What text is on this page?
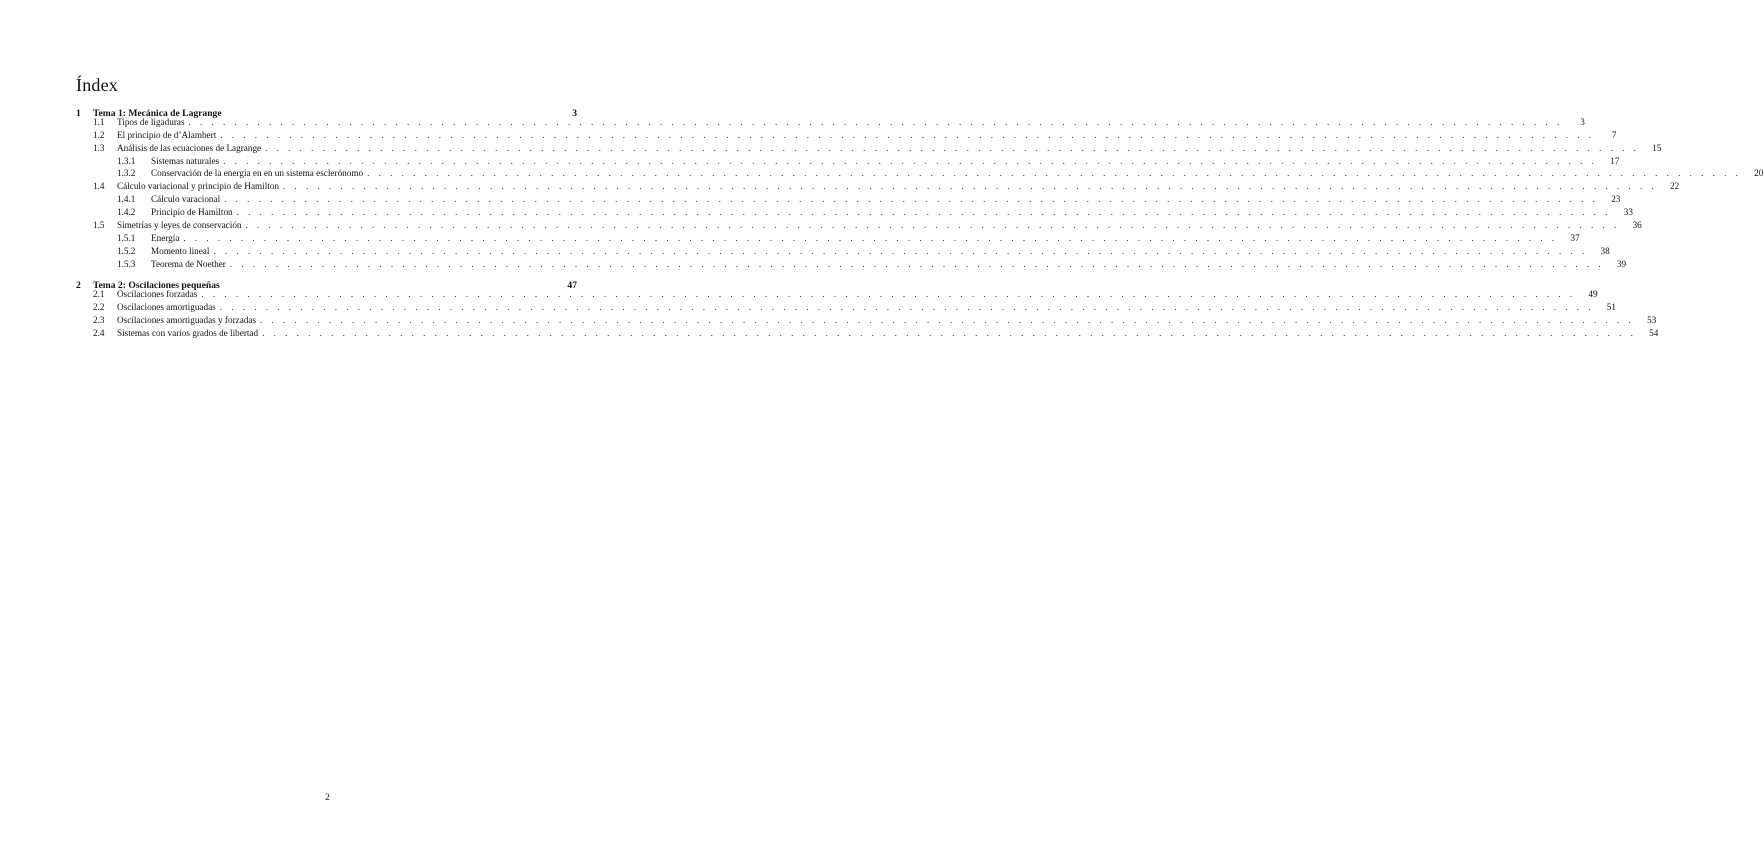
Índex
1	Tema 1: Mecánica de Lagrange	3
1.1	Tipos de ligaduras . . . . . . . . . . . . . . . . . . . . . . . . . . . . . . . . . . . . . . . . . . . . . . . . . . . . . . . . . . . . . . . . . . . . . . . . . . . . . . . . . . . . . . . . . . . . . . . . . . . . . . . . . . . . . . . . . . . . . . . .	3
1.2	El principio de d’Alambert . . . . . . . . . . . . . . . . . . . . . . . . . . . . . . . . . . . . . . . . . . . . . . . . . . . . . . . . . . . . . . . . . . . . . . . . . . . . . . . . . . . . . . . . . . . . . . . . . . . . . . . . . . . . . . . . . . . . . . . .	7
1.3	Análisis de las ecuaciones de Lagrange . . . . . . . . . . . . . . . . . . . . . . . . . . . . . . . . . . . . . . . . . . . . . . . . . . . . . . . . . . . . . . . . . . . . . . . . . . . . . . . . . . . . . . . . . . . . . . . . . . . . . . . . . . . . . . . . . . . . . . . .	15
1.3.1	Sistemas naturales . . . . . . . . . . . . . . . . . . . . . . . . . . . . . . . . . . . . . . . . . . . . . . . . . . . . . . . . . . . . . . . . . . . . . . . . . . . . . . . . . . . . . . . . . . . . . . . . . . . . . . . . . . . . . . . . . . . . . . . .	17
1.3.2	Conservación de la energía en en un sistema esclerónomo . . . . . . . . . . . . . . . . . . . . . . . . . . . . . . . . . . . . . . . . . . . . . . . . . . . . . . . . . . . . . . . . . . . . . . . . . . . . . . . . . . . . . . . . . . . . . . . . . . . . . . . . . . . . . . . . . . . . . . . .	20
1.4	Cálculo variacional y principio de Hamilton . . . . . . . . . . . . . . . . . . . . . . . . . . . . . . . . . . . . . . . . . . . . . . . . . . . . . . . . . . . . . . . . . . . . . . . . . . . . . . . . . . . . . . . . . . . . . . . . . . . . . . . . . . . . . . . . . . . . . . . .	22
1.4.1	Cálculo varacional . . . . . . . . . . . . . . . . . . . . . . . . . . . . . . . . . . . . . . . . . . . . . . . . . . . . . . . . . . . . . . . . . . . . . . . . . . . . . . . . . . . . . . . . . . . . . . . . . . . . . . . . . . . . . . . . . . . . . . . .	23
1.4.2	Principio de Hamilton . . . . . . . . . . . . . . . . . . . . . . . . . . . . . . . . . . . . . . . . . . . . . . . . . . . . . . . . . . . . . . . . . . . . . . . . . . . . . . . . . . . . . . . . . . . . . . . . . . . . . . . . . . . . . . . . . . . . . . . .	33
1.5	Simetrías y leyes de conservación . . . . . . . . . . . . . . . . . . . . . . . . . . . . . . . . . . . . . . . . . . . . . . . . . . . . . . . . . . . . . . . . . . . . . . . . . . . . . . . . . . . . . . . . . . . . . . . . . . . . . . . . . . . . . . . . . . . . . . . .	36
1.5.1	Energía . . . . . . . . . . . . . . . . . . . . . . . . . . . . . . . . . . . . . . . . . . . . . . . . . . . . . . . . . . . . . . . . . . . . . . . . . . . . . . . . . . . . . . . . . . . . . . . . . . . . . . . . . . . . . . . . . . . . . . . .	37
1.5.2	Momento lineal . . . . . . . . . . . . . . . . . . . . . . . . . . . . . . . . . . . . . . . . . . . . . . . . . . . . . . . . . . . . . . . . . . . . . . . . . . . . . . . . . . . . . . . . . . . . . . . . . . . . . . . . . . . . . . . . . . . . . . . .	38
1.5.3	Teorema de Noether . . . . . . . . . . . . . . . . . . . . . . . . . . . . . . . . . . . . . . . . . . . . . . . . . . . . . . . . . . . . . . . . . . . . . . . . . . . . . . . . . . . . . . . . . . . . . . . . . . . . . . . . . . . . . . . . . . . . . . . .	39
2	Tema 2: Oscilaciones pequeñas	47
2.1	Oscilaciones forzadas . . . . . . . . . . . . . . . . . . . . . . . . . . . . . . . . . . . . . . . . . . . . . . . . . . . . . . . . . . . . . . . . . . . . . . . . . . . . . . . . . . . . . . . . . . . . . . . . . . . . . . . . . . . . . . . . . . . . . . . .	49
2.2	Oscilaciones amortiguadas . . . . . . . . . . . . . . . . . . . . . . . . . . . . . . . . . . . . . . . . . . . . . . . . . . . . . . . . . . . . . . . . . . . . . . . . . . . . . . . . . . . . . . . . . . . . . . . . . . . . . . . . . . . . . . . . . . . . . . . .	51
2.3	Oscilaciones amortiguadas y forzadas . . . . . . . . . . . . . . . . . . . . . . . . . . . . . . . . . . . . . . . . . . . . . . . . . . . . . . . . . . . . . . . . . . . . . . . . . . . . . . . . . . . . . . . . . . . . . . . . . . . . . . . . . . . . . . . . . . . . . . . .	53
2.4	Sistemas con varios grados de libertad . . . . . . . . . . . . . . . . . . . . . . . . . . . . . . . . . . . . . . . . . . . . . . . . . . . . . . . . . . . . . . . . . . . . . . . . . . . . . . . . . . . . . . . . . . . . . . . . . . . . . . . . . . . . . . . . . . . . . . . .	54
2
